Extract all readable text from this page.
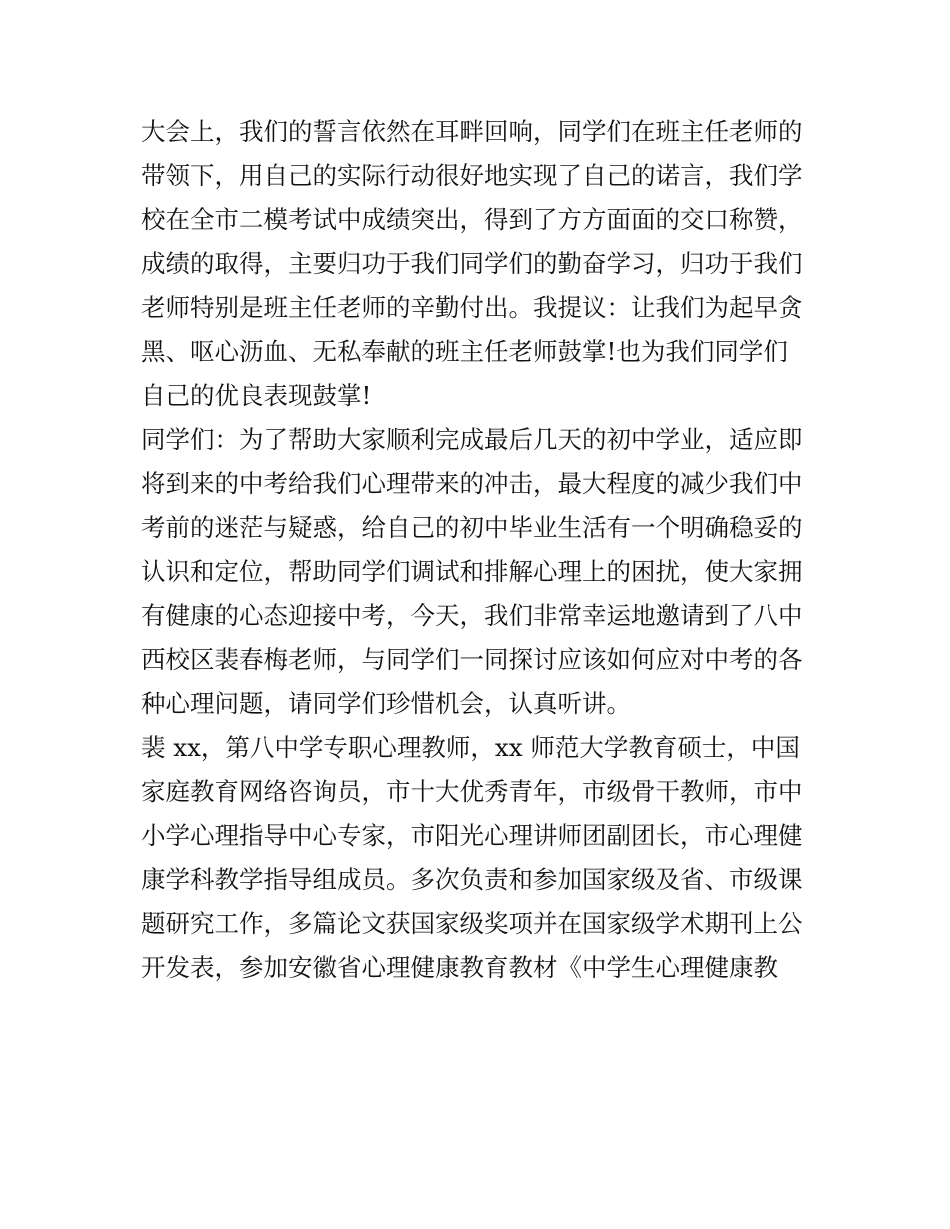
大会上，我们的誓言依然在耳畔回响，同学们在班主任老师的

带领下，用自己的实际行动很好地实现了自己的诺言，我们学

校在全市二模考试中成绩突出，得到了方方面面的交口称赞，

成绩的取得，主要归功于我们同学们的勤奋学习，归功于我们

老师特别是班主任老师的辛勤付出。我提议：让我们为起早贪

黑、呕心沥血、无私奉献的班主任老师鼓掌!也为我们同学们

自己的优良表现鼓掌!

同学们：为了帮助大家顺利完成最后几天的初中学业，适应即

将到来的中考给我们心理带来的冲击，最大程度的减少我们中

考前的迷茫与疑惑，给自己的初中毕业生活有一个明确稳妥的

认识和定位，帮助同学们调试和排解心理上的困扰，使大家拥

有健康的心态迎接中考，今天，我们非常幸运地邀请到了八中

西校区裴春梅老师，与同学们一同探讨应该如何应对中考的各

种心理问题，请同学们珍惜机会，认真听讲。

裴 xx，第八中学专职心理教师，xx 师范大学教育硕士，中国

家庭教育网络咨询员，市十大优秀青年，市级骨干教师，市中

小学心理指导中心专家，市阳光心理讲师团副团长，市心理健

康学科教学指导组成员。多次负责和参加国家级及省、市级课

题研究工作，多篇论文获国家级奖项并在国家级学术期刊上公

开发表，参加安徽省心理健康教育教材《中学生心理健康教
